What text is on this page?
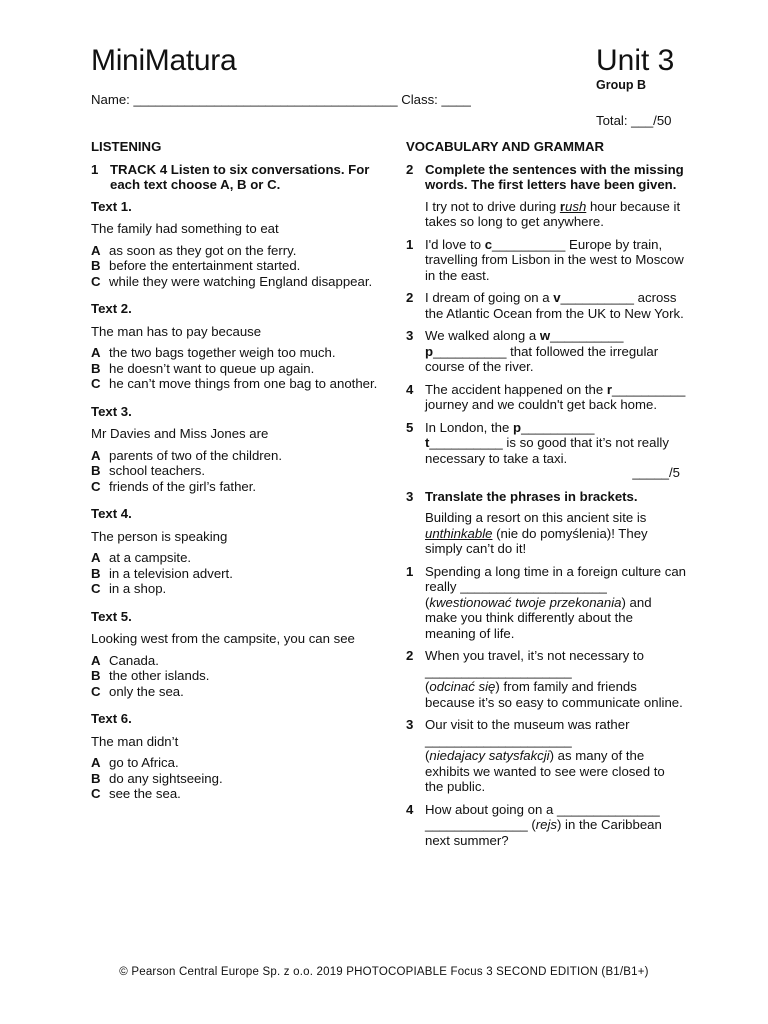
MiniMatura	Unit 3
Group B
Name: ____________________________________ Class: ____
Total: ___/50
LISTENING
1 TRACK 4 Listen to six conversations. For each text choose A, B or C.
Text 1.
The family had something to eat
A as soon as they got on the ferry.
B before the entertainment started.
C while they were watching England disappear.
Text 2.
The man has to pay because
A the two bags together weigh too much.
B he doesn’t want to queue up again.
C he can’t move things from one bag to another.
Text 3.
Mr Davies and Miss Jones are
A parents of two of the children.
B school teachers.
C friends of the girl’s father.
Text 4.
The person is speaking
A at a campsite.
B in a television advert.
C in a shop.
Text 5.
Looking west from the campsite, you can see
A Canada.
B the other islands.
C only the sea.
Text 6.
The man didn’t
A go to Africa.
B do any sightseeing.
C see the sea.
VOCABULARY AND GRAMMAR
2 Complete the sentences with the missing words. The first letters have been given.
I try not to drive during rush hour because it takes so long to get anywhere.
1 I'd love to c__________ Europe by train, travelling from Lisbon in the west to Moscow in the east.
2 I dream of going on a v__________ across the Atlantic Ocean from the UK to New York.
3 We walked along a w__________
p__________ that followed the irregular course of the river.
4 The accident happened on the r__________ journey and we couldn't get back home.
5 In London, the p__________
t__________ is so good that it’s not really necessary to take a taxi.
_____/5
3 Translate the phrases in brackets.
Building a resort on this ancient site is unthinkable (nie do pomyślenia)! They simply can’t do it!
1 Spending a long time in a foreign culture can really ____________________
(kwestionować twoje przekonania) and make you think differently about the meaning of life.
2 When you travel, it’s not necessary to
____________________
(odcinać się) from family and friends because it’s so easy to communicate online.
3 Our visit to the museum was rather
____________________
(niedajacy satysfakcji) as many of the exhibits we wanted to see were closed to the public.
4 How about going on a ______________
______________ (rejs) in the Caribbean next summer?
© Pearson Central Europe Sp. z o.o. 2019 PHOTOCOPIABLE Focus 3 SECOND EDITION (B1/B1+)
